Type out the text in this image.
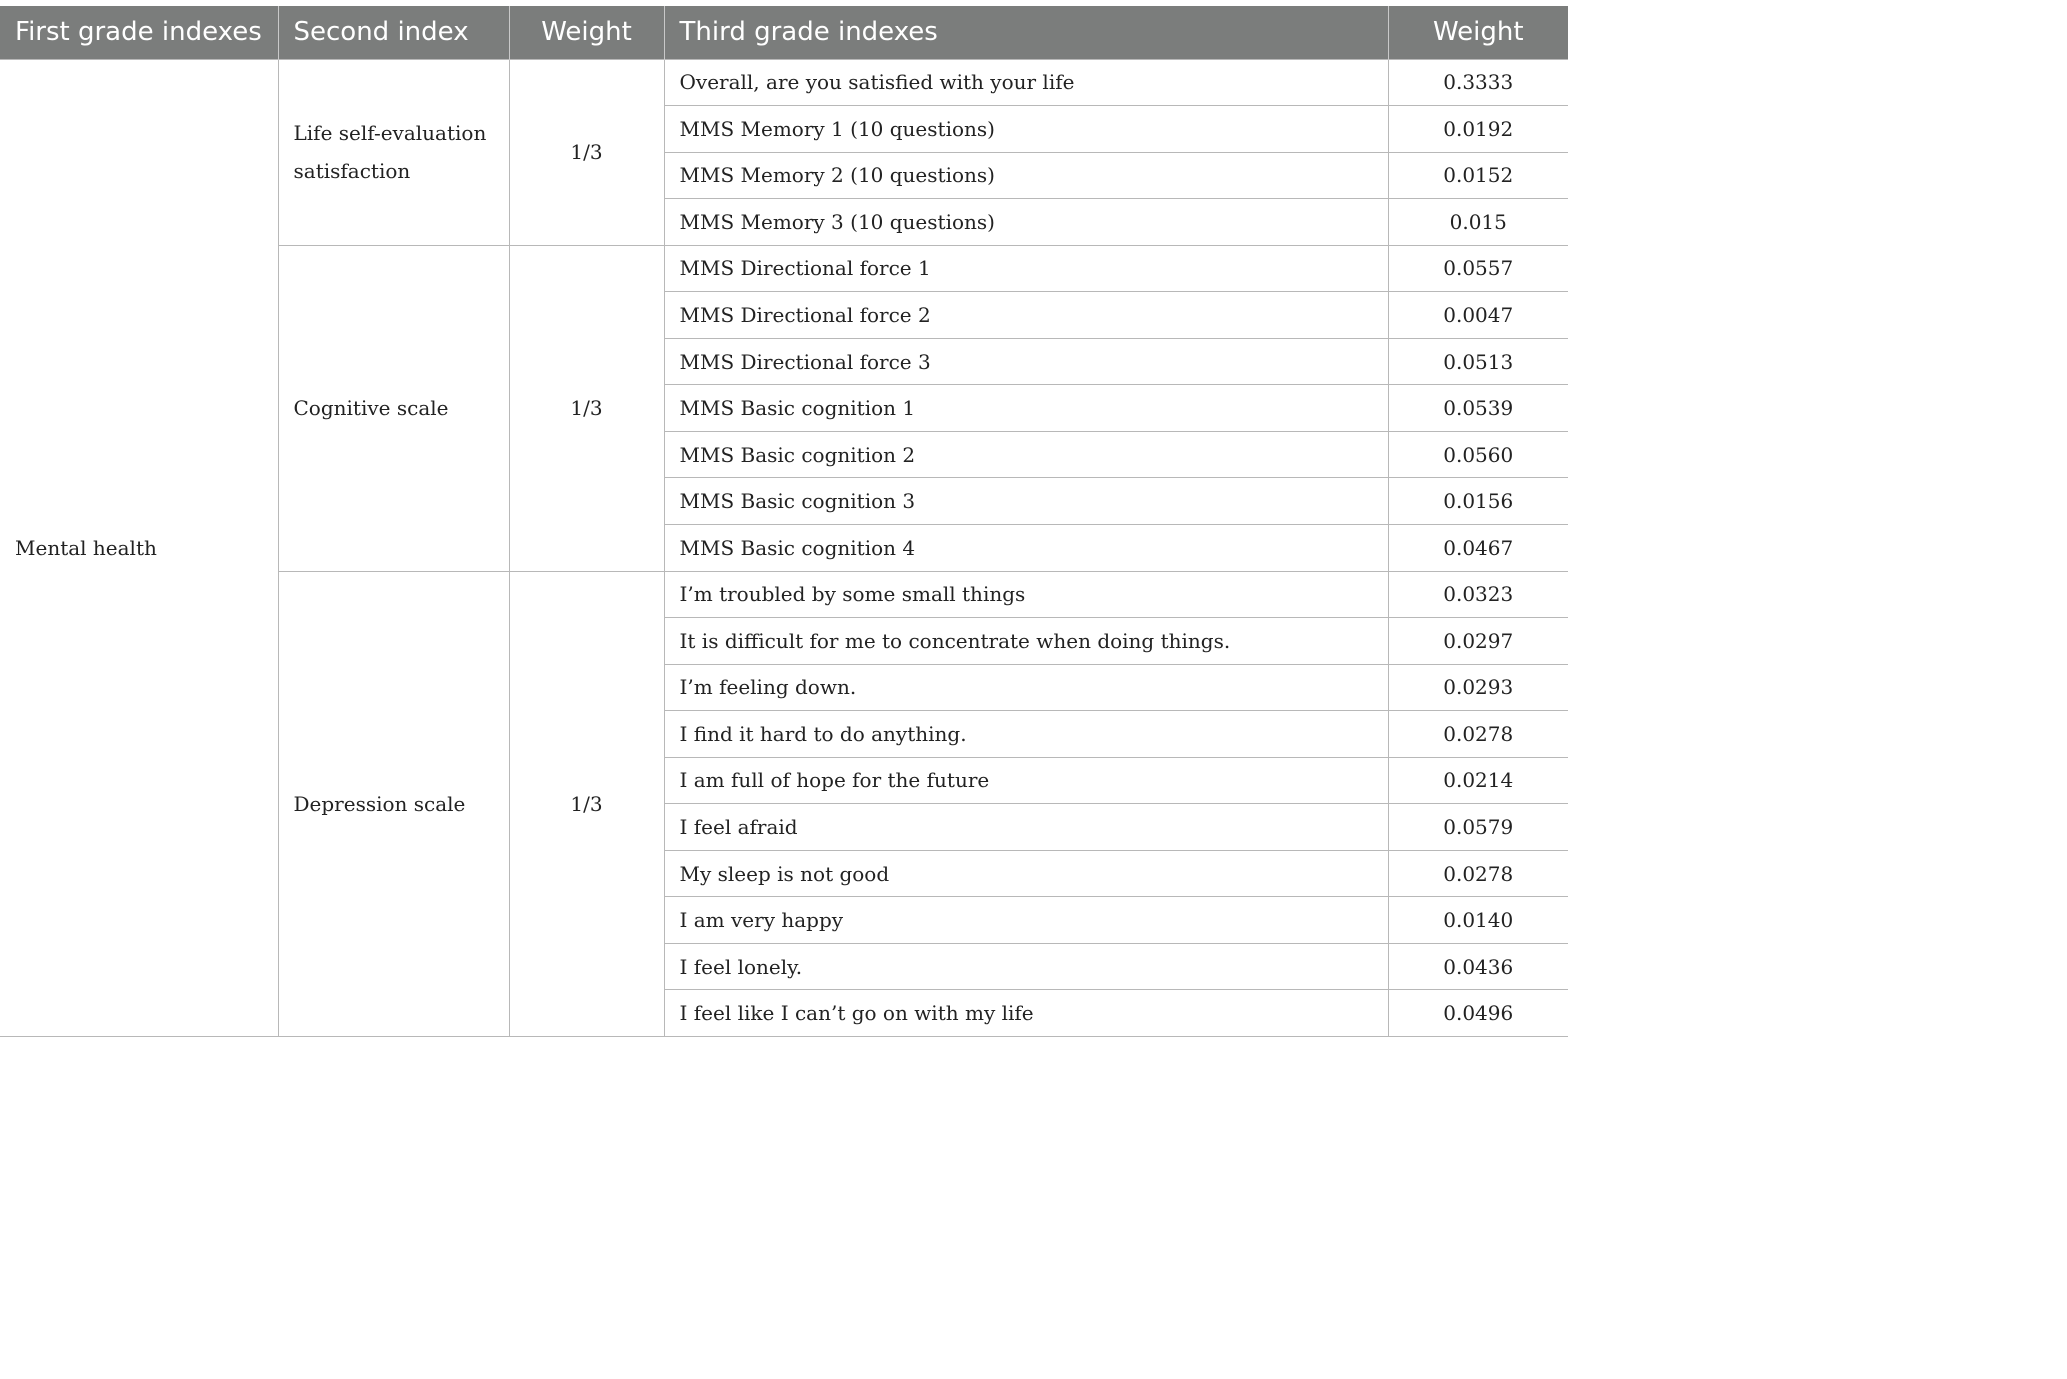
First grade indexes	Second index	Weight	Third grade indexes	Weight
Mental health	Life self-evaluation satisfaction	1/3	Overall, are you satisfied with your life	0.3333
			MMS Memory 1 (10 questions)	0.0192
			MMS Memory 2 (10 questions)	0.0152
			MMS Memory 3 (10 questions)	0.015
	Cognitive scale	1/3	MMS Directional force 1	0.0557
			MMS Directional force 2	0.0047
			MMS Directional force 3	0.0513
			MMS Basic cognition 1	0.0539
			MMS Basic cognition 2	0.0560
			MMS Basic cognition 3	0.0156
			MMS Basic cognition 4	0.0467
	Depression scale	1/3	I’m troubled by some small things	0.0323
			It is difficult for me to concentrate when doing things.	0.0297
			I’m feeling down.	0.0293
			I find it hard to do anything.	0.0278
			I am full of hope for the future	0.0214
			I feel afraid	0.0579
			My sleep is not good	0.0278
			I am very happy	0.0140
			I feel lonely.	0.0436
			I feel like I can’t go on with my life	0.0496
